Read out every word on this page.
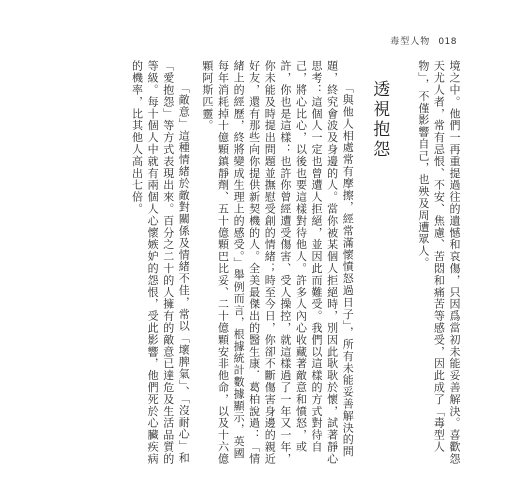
毒型人物 018
境之中。他們一再重提過往的遺憾和哀傷，只因爲當初未能妥善解決。喜歡怨天尤人者，常有忌恨、不安、焦慮、苦悶和痛苦等感受，因此成了「毒型人物」，不僅影響自己，也殃及周遭眾人。
透視抱怨
「與他人相處常有摩擦，經常滿懷憤怒過日子」，所有未能妥善解決的問題，終究會波及身邊的人。當你被某個人拒絕時，別因此耿耿於懷，試著靜心思考：這個人一定也曾遭人拒絕，並因此而難受。我們以這樣的方式對待自己，將心比心，以後也要這樣對待他人。許多人內心收藏著敵意和憤怒，或許，你也是這樣：也許你曾經遭受傷害、受人操控，就這樣過了一年又一年，你未能及時提出問題並撫慰受創的情緒；時至今日，你卻不斷傷害身邊的親近好友，還有那些向你提供新契機的人。全美最傑出的醫生康．葛柏說過：「情緒上的經歷，終將變成生理上的感受。」舉例而言，根據統計數據顯示，英國每年消耗掉十億顆鎮靜劑、五十億顆巴比妥、二十億顆安非他命，以及十六億顆阿斯匹靈。
「敵意」這種情緒於敵對關係及情緒不佳，常以「壞脾氣」、「沒耐心」和「愛抱怨」等方式表現出來。百分之二十的人擁有的敵意已達危及生活品質的等級。每十個人中就有兩個人心懷嫉妒的怨恨，受此影響，他們死於心臟疾病的機率，比其他人高出七倍。
